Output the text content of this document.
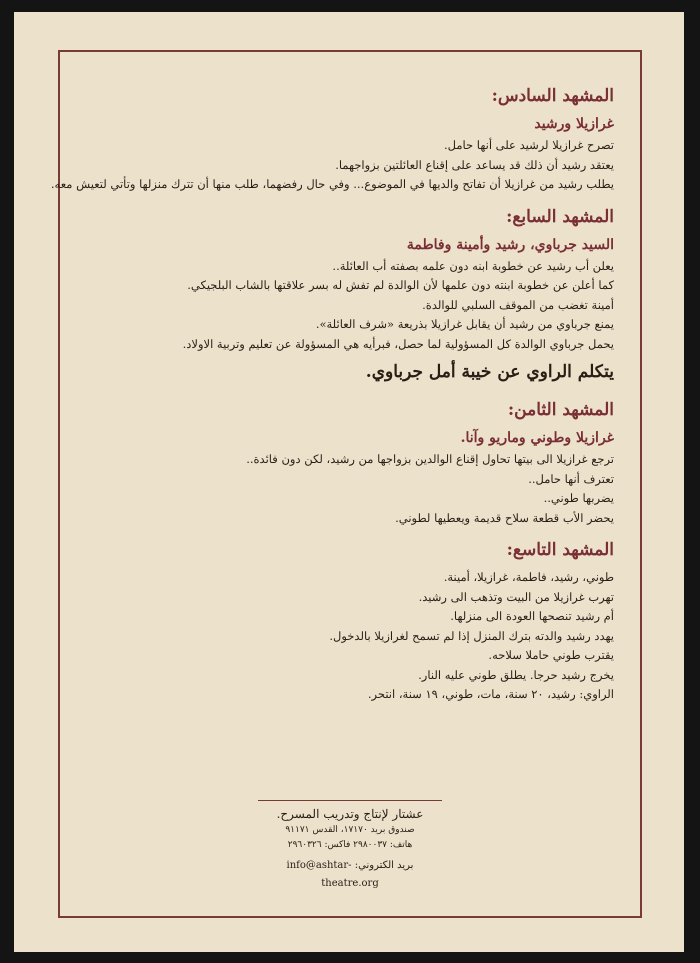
المشهد السادس:

غرازيلا ورشيد

تصرح غرازيلا لرشيد على أنها حامل.

يعتقد رشيد أن ذلك قد يساعد على إقناع العائلتين بزواجهما.

يطلب رشيد من غرازيلا أن تفاتح والديها في الموضوع... وفي حال رفضهما، طلب منها أن تترك منزلها وتأتي لتعيش معه.

المشهد السابع:

السيد جرباوي، رشيد وأمينة وفاطمة

يعلن أب رشيد عن خطوبة ابنه دون علمه بصفته أب العائلة..

كما أعلن عن خطوبة ابنته دون علمها لأن الوالدة لم تفش له بسر علاقتها بالشاب البلجيكي.

أمينة تغضب من الموقف السلبي للوالدة.

يمنع جرباوي من رشيد أن يقابل غرازيلا بذريعة «شرف العائلة».

يحمل جرباوي الوالدة كل المسؤولية لما حصل، فبرأيه هي المسؤولة عن تعليم وتربية الاولاد.

يتكلم الراوي عن خيبة أمل جرباوي.

المشهد الثامن:

غرازيلا وطوني وماريو وآنا.

ترجع غرازيلا الى بيتها تحاول إقناع الوالدين بزواجها من رشيد، لكن دون فائدة..

تعترف أنها حامل..

يضربها طوني..

يحضر الأب قطعة سلاح قديمة ويعطيها لطوني.

المشهد التاسع:

طوني، رشيد، فاطمة، غرازيلا، أمينة.

تهرب غرازيلا من البيت وتذهب الى رشيد.

أم رشيد تنصحها العودة الى منزلها.

يهدد رشيد والدته بترك المنزل إذا لم تسمح لغرازيلا بالدخول.

يقترب طوني حاملا سلاحه.

يخرج رشيد حرجا. يطلق طوني عليه النار.

الراوي: رشيد، ٢٠ سنة، مات، طوني، ١٩ سنة، انتحر.

عشتار لإنتاج وتدريب المسرح.
صندوق بريد ١٧١٧٠، القدس ٩١١٧١
هاتف: ٢٩٨٠٠٣٧ فاكس: ٢٩٦٠٣٢٦
بريد الكتروني: info@ashtar-theatre.org
